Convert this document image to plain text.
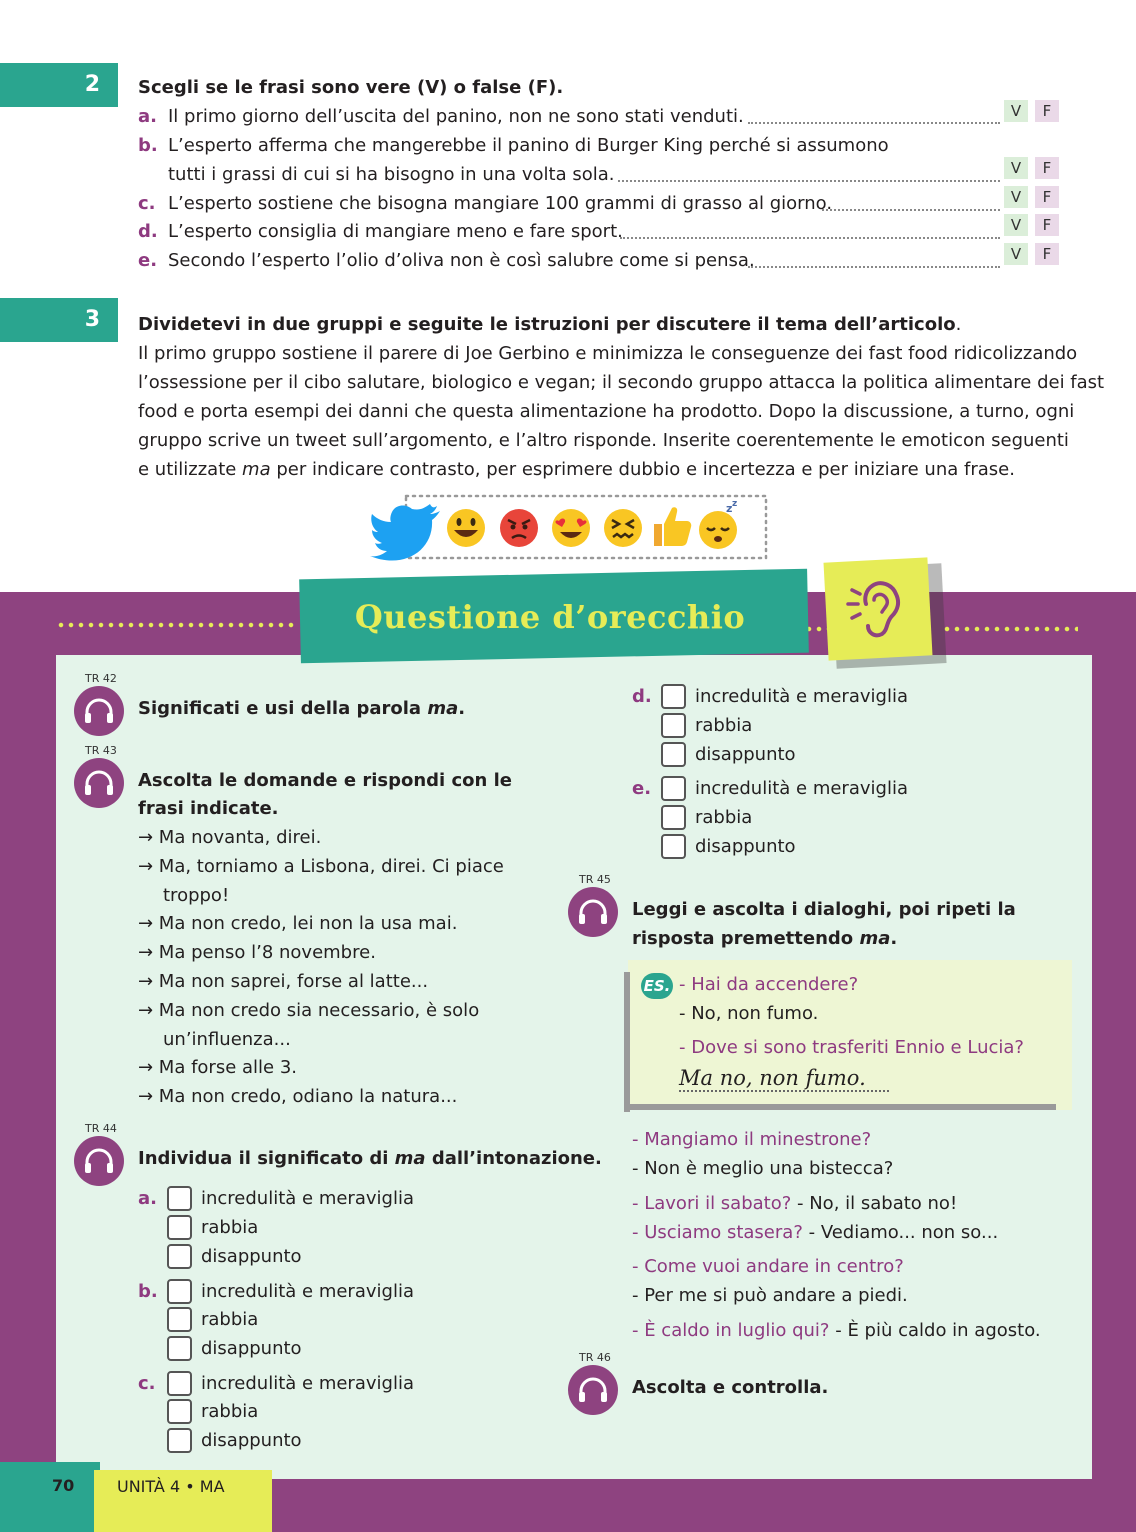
2	Scegli se le frasi sono vere (V) o false (F).
a. Il primo giorno dell’uscita del panino, non ne sono stati venduti.	V	F
b. L’esperto afferma che mangerebbe il panino di Burger King perché si assumono
tutti i grassi di cui si ha bisogno in una volta sola.	V	F
c. L’esperto sostiene che bisogna mangiare 100 grammi di grasso al giorno.	V	F
d. L’esperto consiglia di mangiare meno e fare sport.	V	F
e. Secondo l’esperto l’olio d’oliva non è così salubre come si pensa.	V	F
3	Dividetevi in due gruppi e seguite le istruzioni per discutere il tema dell’articolo.
Il primo gruppo sostiene il parere di Joe Gerbino e minimizza le conseguenze dei fast food ridicolizzando
l’ossessione per il cibo salutare, biologico e vegan; il secondo gruppo attacca la politica alimentare dei fast
food e porta esempi dei danni che questa alimentazione ha prodotto. Dopo la discussione, a turno, ogni
gruppo scrive un tweet sull’argomento, e l’altro risponde. Inserite coerentemente le emoticon seguenti
e utilizzate ma per indicare contrasto, per esprimere dubbio e incertezza e per iniziare una frase.
z z
Questione d’orecchio
TR 42
Significati e usi della parola ma.
TR 43
Ascolta le domande e rispondi con le
frasi indicate.
→ Ma novanta, direi.
→ Ma, torniamo a Lisbona, direi. Ci piace
troppo!
→ Ma non credo, lei non la usa mai.
→ Ma penso l’8 novembre.
→ Ma non saprei, forse al latte...
→ Ma non credo sia necessario, è solo
un’influenza...
→ Ma forse alle 3.
→ Ma non credo, odiano la natura...
TR 44
Individua il significato di ma dall’intonazione.
a. incredulità e meraviglia
rabbia
disappunto
b. incredulità e meraviglia
rabbia
disappunto
c.	incredulità e meraviglia
rabbia
disappunto
d. incredulità e meraviglia
rabbia
disappunto
e. incredulità e meraviglia
rabbia
disappunto
TR 45
Leggi e ascolta i dialoghi, poi ripeti la
risposta premettendo ma.
ES. - Hai da accendere?
- No, non fumo.
- Dove si sono trasferiti Ennio e Lucia?
Ma no, non fumo.
- Mangiamo il minestrone?
- Non è meglio una bistecca?
- Lavori il sabato? - No, il sabato no!
- Usciamo stasera? - Vediamo... non so...
- Come vuoi andare in centro?
- Per me si può andare a piedi.
- È caldo in luglio qui? - È più caldo in agosto.
TR 46
Ascolta e controlla.
70	UNITÀ 4 • MA
